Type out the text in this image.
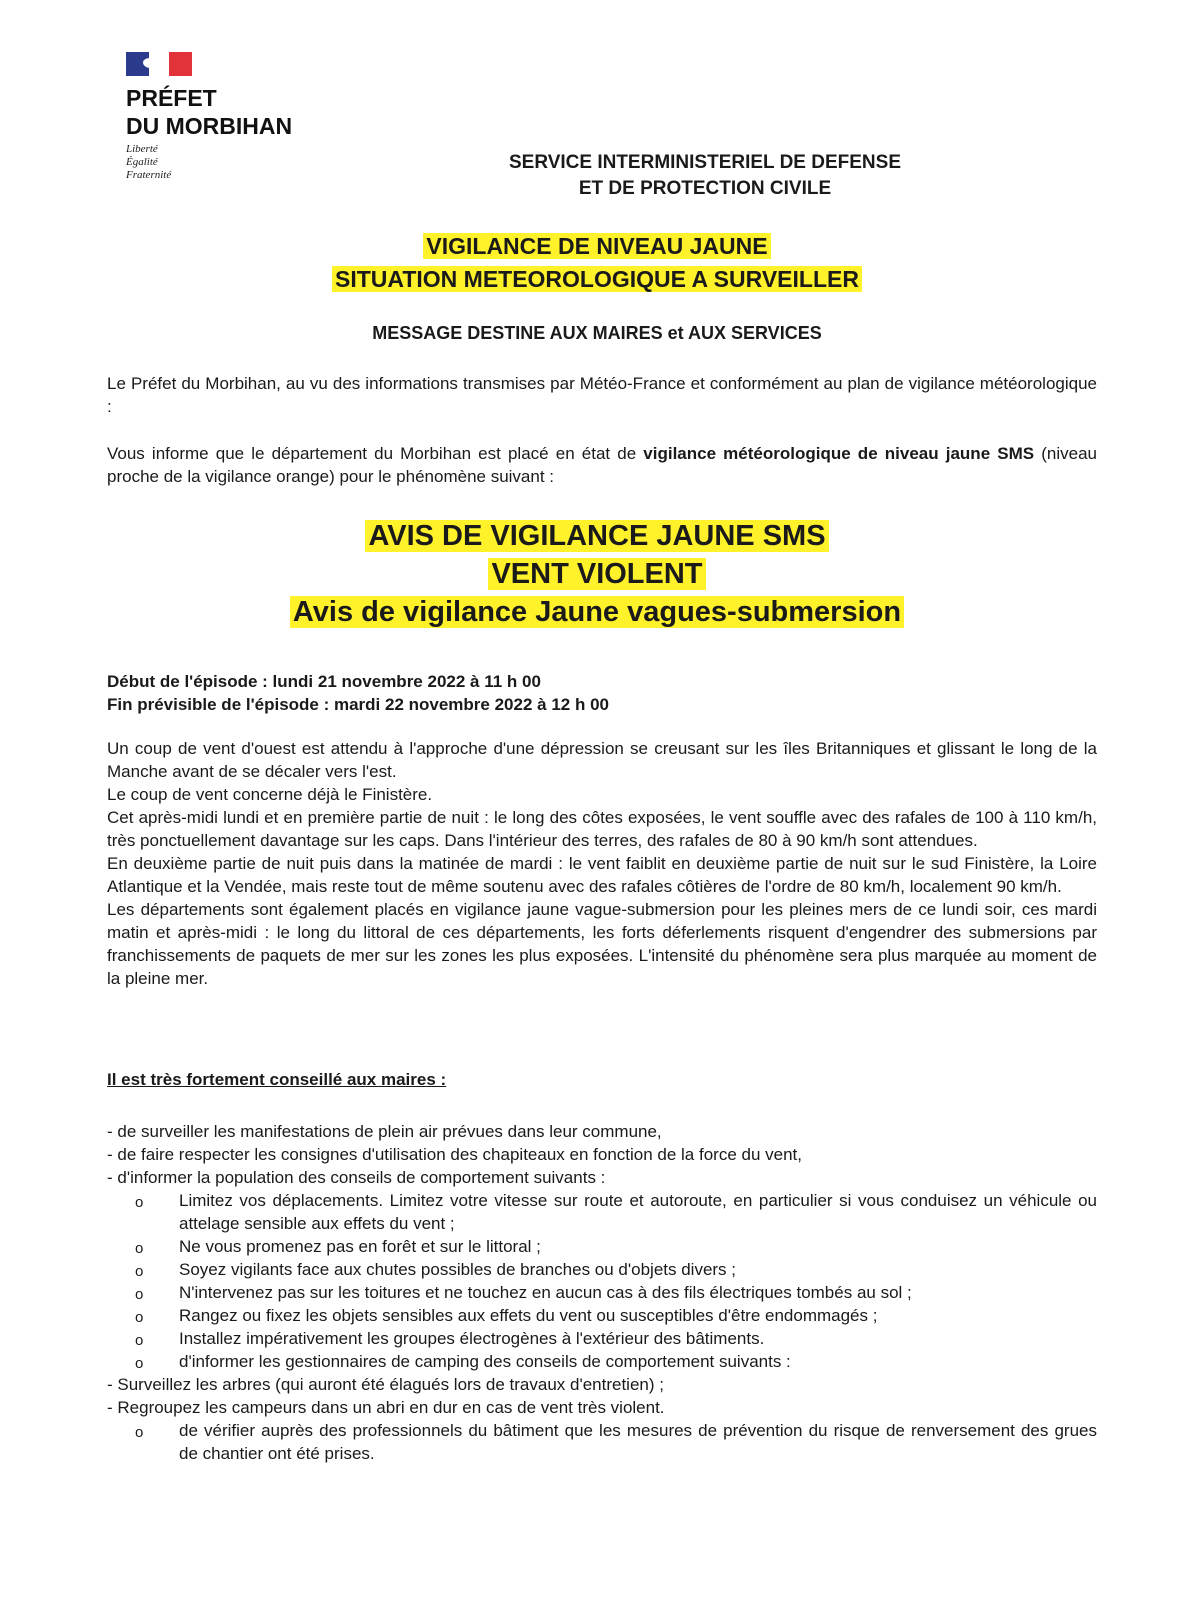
PRÉFET
DU MORBIHAN
Liberté
Égalité
Fraternité
SERVICE INTERMINISTERIEL DE DEFENSE
ET DE PROTECTION CIVILE
VIGILANCE DE NIVEAU JAUNE
SITUATION METEOROLOGIQUE A SURVEILLER
MESSAGE DESTINE AUX MAIRES et AUX SERVICES
Le Préfet du Morbihan, au vu des informations transmises par Météo-France et conformément au plan de vigilance météorologique :
Vous informe que le département du Morbihan est placé en état de vigilance météorologique de niveau jaune SMS (niveau proche de la vigilance orange) pour le phénomène suivant :
AVIS DE VIGILANCE JAUNE SMS
VENT VIOLENT
Avis de vigilance Jaune vagues-submersion
Début de l'épisode : lundi 21 novembre 2022 à 11 h 00
Fin prévisible de l'épisode : mardi 22 novembre 2022 à 12 h 00
Un coup de vent d'ouest est attendu à l'approche d'une dépression se creusant sur les îles Britanniques et glissant le long de la Manche avant de se décaler vers l'est.
Le coup de vent concerne déjà le Finistère.
Cet après-midi lundi et en première partie de nuit : le long des côtes exposées, le vent souffle avec des rafales de 100 à 110 km/h, très ponctuellement davantage sur les caps. Dans l'intérieur des terres, des rafales de 80 à 90 km/h sont attendues.
En deuxième partie de nuit puis dans la matinée de mardi : le vent faiblit en deuxième partie de nuit sur le sud Finistère, la Loire Atlantique et la Vendée, mais reste tout de même soutenu avec des rafales côtières de l'ordre de 80 km/h, localement 90 km/h.
Les départements sont également placés en vigilance jaune vague-submersion pour les pleines mers de ce lundi soir, ces mardi matin et après-midi : le long du littoral de ces départements, les forts déferlements risquent d'engendrer des submersions par franchissements de paquets de mer sur les zones les plus exposées. L'intensité du phénomène sera plus marquée au moment de la pleine mer.
Il est très fortement conseillé aux maires :
- de surveiller les manifestations de plein air prévues dans leur commune,
- de faire respecter les consignes d'utilisation des chapiteaux en fonction de la force du vent,
- d'informer la population des conseils de comportement suivants :
o Limitez vos déplacements. Limitez votre vitesse sur route et autoroute, en particulier si vous conduisez un véhicule ou attelage sensible aux effets du vent ;
o Ne vous promenez pas en forêt et sur le littoral ;
o Soyez vigilants face aux chutes possibles de branches ou d'objets divers ;
o N'intervenez pas sur les toitures et ne touchez en aucun cas à des fils électriques tombés au sol ;
o Rangez ou fixez les objets sensibles aux effets du vent ou susceptibles d'être endommagés ;
o Installez impérativement les groupes électrogènes à l'extérieur des bâtiments.
o d'informer les gestionnaires de camping des conseils de comportement suivants :
- Surveillez les arbres (qui auront été élagués lors de travaux d'entretien) ;
- Regroupez les campeurs dans un abri en dur en cas de vent très violent.
o de vérifier auprès des professionnels du bâtiment que les mesures de prévention du risque de renversement des grues de chantier ont été prises.
